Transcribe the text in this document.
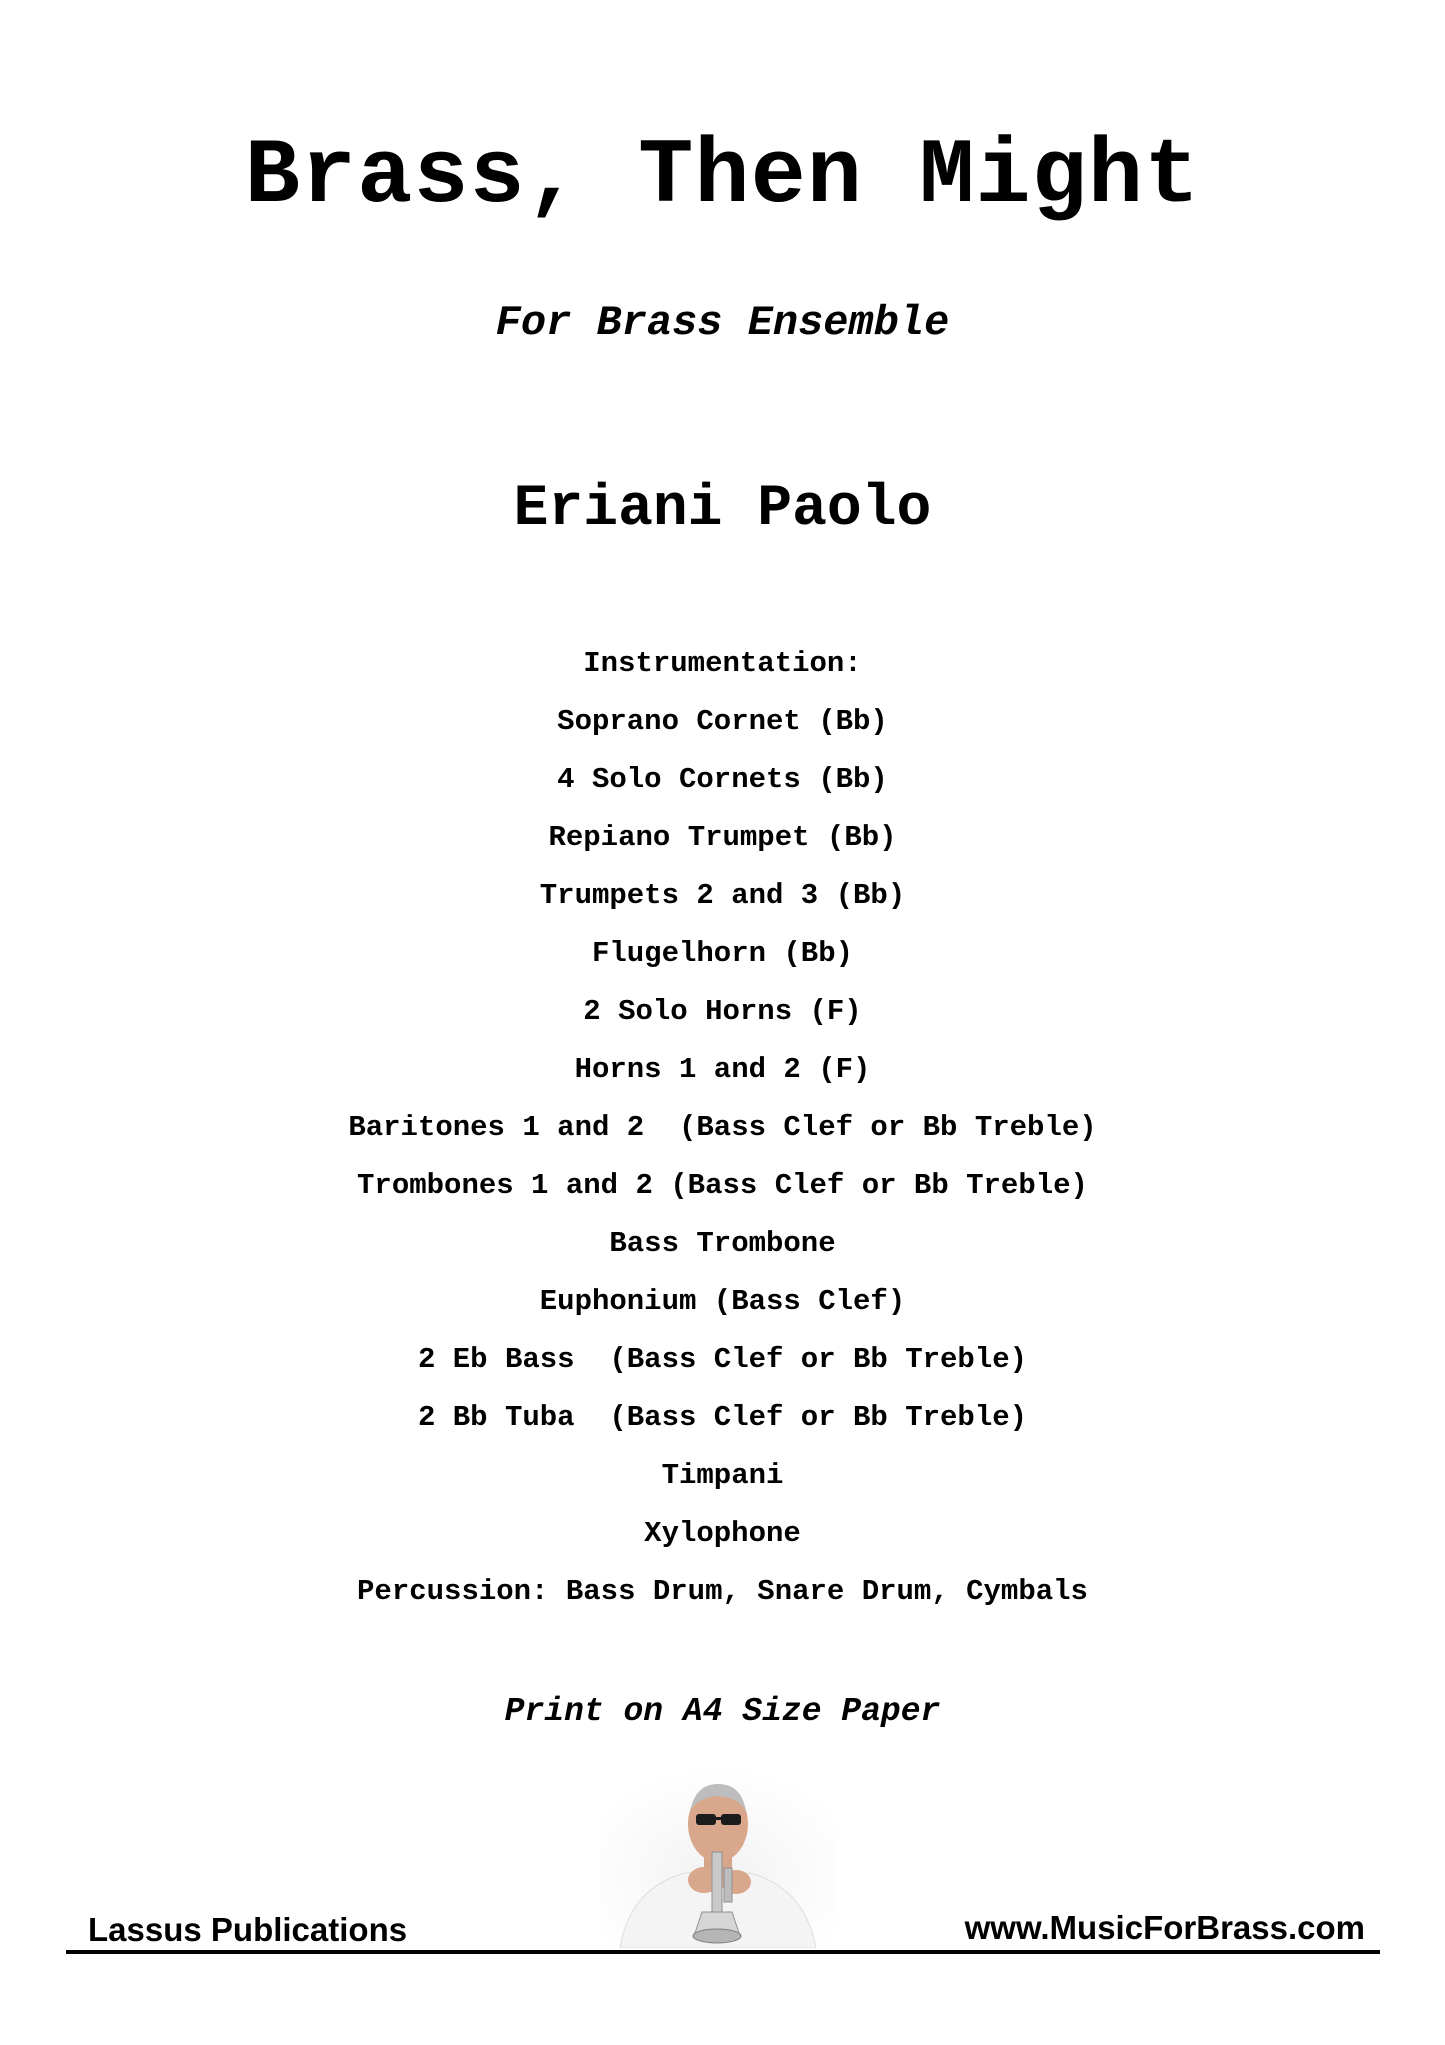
Brass, Then Might
For Brass Ensemble
Eriani Paolo
Instrumentation:
Soprano Cornet (Bb)
4 Solo Cornets (Bb)
Repiano Trumpet (Bb)
Trumpets 2 and 3 (Bb)
Flugelhorn (Bb)
2 Solo Horns (F)
Horns 1 and 2 (F)
Baritones 1 and 2  (Bass Clef or Bb Treble)
Trombones 1 and 2 (Bass Clef or Bb Treble)
Bass Trombone
Euphonium (Bass Clef)
2 Eb Bass  (Bass Clef or Bb Treble)
2 Bb Tuba  (Bass Clef or Bb Treble)
Timpani
Xylophone
Percussion: Bass Drum, Snare Drum, Cymbals
Print on A4 Size Paper
Lassus Publications	www.MusicForBrass.com
